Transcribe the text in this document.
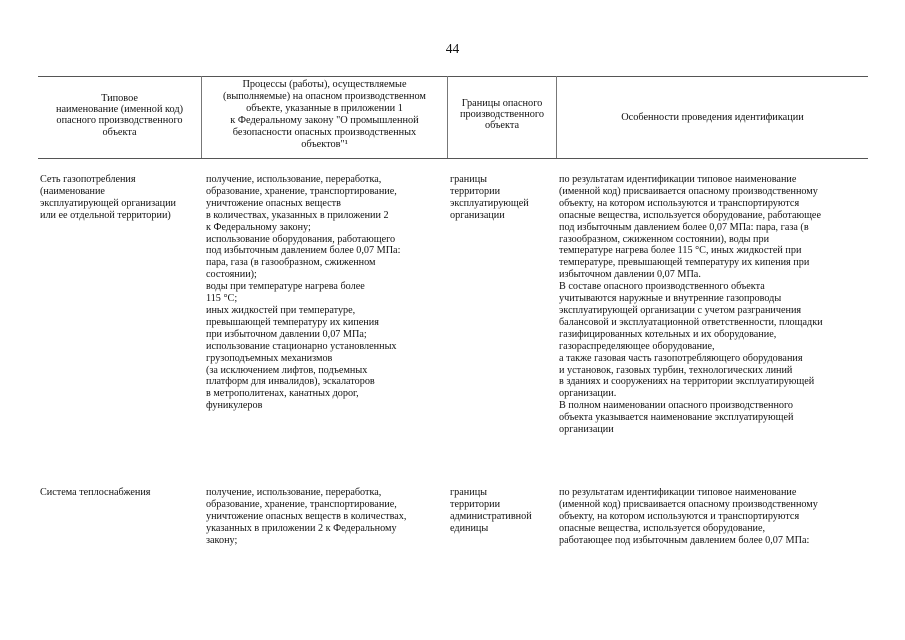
44
Типовое
наименование (именной код)
опасного производственного
объекта
Процессы (работы), осуществляемые
(выполняемые) на опасном производственном
объекте, указанные в приложении 1
к Федеральному закону "О промышленной
безопасности опасных производственных
объектов"¹
Границы опасного
производственного
объекта
Особенности проведения идентификации
Сеть газопотребления
(наименование
эксплуатирующей организации
или ее отдельной территории)
получение, использование, переработка,
образование, хранение, транспортирование,
уничтожение опасных веществ
в количествах, указанных в приложении 2
к Федеральному закону;
использование оборудования, работающего
под избыточным давлением более 0,07 МПа:
пара, газа (в газообразном, сжиженном
состоянии);
воды при температуре нагрева более
115 °C;
иных жидкостей при температуре,
превышающей температуру их кипения
при избыточном давлении 0,07 МПа;
использование стационарно установленных
грузоподъемных механизмов
(за исключением лифтов, подъемных
платформ для инвалидов), эскалаторов
в метрополитенах, канатных дорог,
фуникулеров
границы
территории
эксплуатирующей
организации
по результатам идентификации типовое наименование
(именной код) присваивается опасному производственному
объекту, на котором используются и транспортируются
опасные вещества, используется оборудование, работающее
под избыточным давлением более 0,07 МПа: пара, газа (в
газообразном, сжиженном состоянии), воды при
температуре нагрева более 115 °C, иных жидкостей при
температуре, превышающей температуру их кипения при
избыточном давлении 0,07 МПа.
В составе опасного производственного объекта
учитываются наружные и внутренние газопроводы
эксплуатирующей организации с учетом разграничения
балансовой и эксплуатационной ответственности, площадки
газифицированных котельных и их оборудование,
газораспределяющее оборудование,
а также газовая часть газопотребляющего оборудования
и установок, газовых турбин, технологических линий
в зданиях и сооружениях на территории эксплуатирующей
организации.
В полном наименовании опасного производственного
объекта указывается наименование эксплуатирующей
организации
Система теплоснабжения	получение, использование, переработка,
образование, хранение, транспортирование,
уничтожение опасных веществ в количествах,
указанных в приложении 2 к Федеральному
закону;
границы
территории
административной
единицы
по результатам идентификации типовое наименование
(именной код) присваивается опасному производственному
объекту, на котором используются и транспортируются
опасные вещества, используется оборудование,
работающее под избыточным давлением более 0,07 МПа:
